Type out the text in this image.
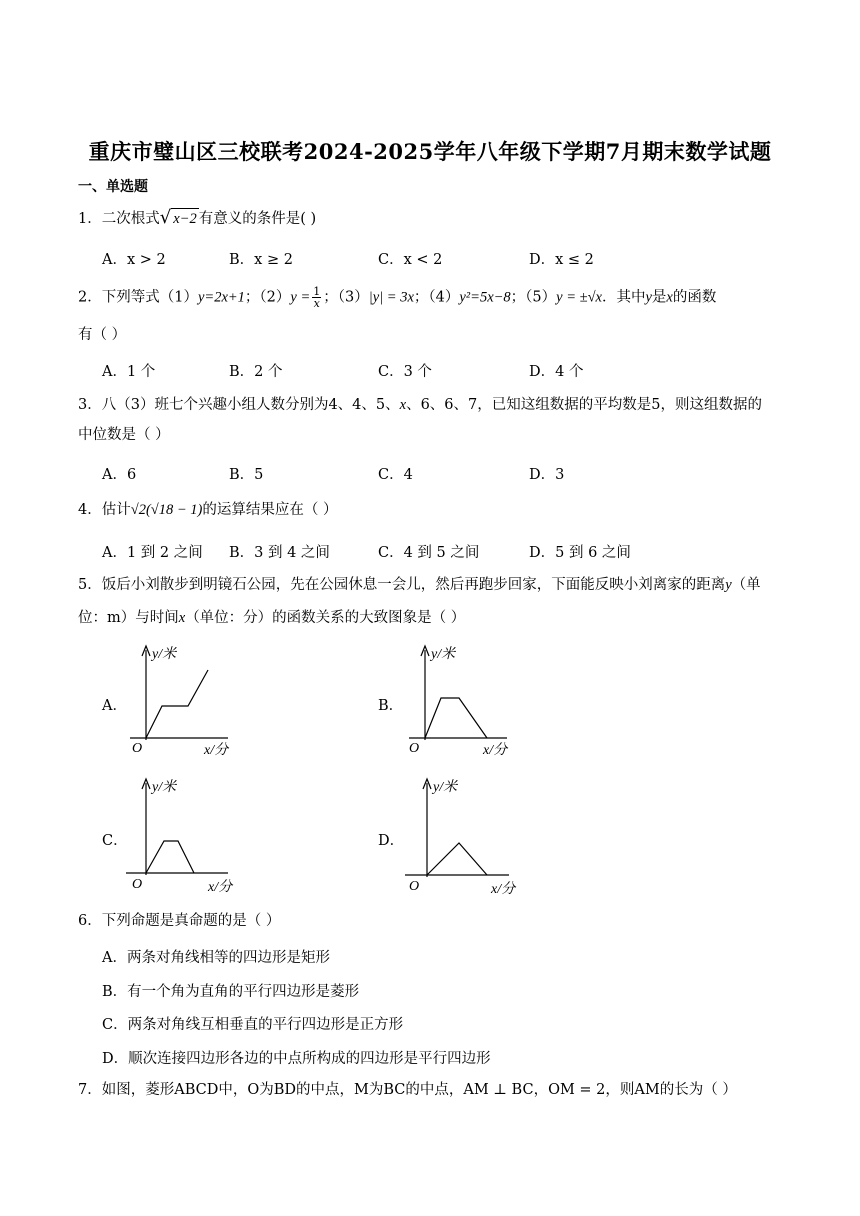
重庆市璧山区三校联考2024-2025学年八年级下学期7月期末数学试题
一、单选题
1．二次根式√ x−2 有意义的条件是( )
A．x > 2	B．x ≥ 2	C．x < 2	D．x ≤ 2
2．下列等式（1）y=2x+1；$(2)y = \frac{1}{x}$ ；（3）|y| = 3x；（4）y²=5x−8；（5）y = ±√x．其中y是x的函数
有（ ）
A．1 个	B．2 个	C．3 个	D．4 个
3．八（3）班七个兴趣小组人数分别为4、4、5、x、6、6、7，已知这组数据的平均数是5，则这组数据的
中位数是（ ）
A．6	B．5	C．4	D．3
4．估计√2(√18 − 1)的运算结果应在（ ）
A．1 到 2 之间 B．3 到 4 之间	C．4 到 5 之间	D．5 到 6 之间
5．饭后小刘散步到明镜石公园，先在公园休息一会儿，然后再跑步回家，下面能反映小刘离家的距离y（单
位：m）与时间x（单位：分）的函数关系的大致图象是（ ）
A．	B．
C．	D．
y/米
O	x/分
y/米
O	x/分
y/米
O	x/分
y/米
O	x/分
6．下列命题是真命题的是（ ）
A．两条对角线相等的四边形是矩形
B．有一个角为直角的平行四边形是菱形
C．两条对角线互相垂直的平行四边形是正方形
D．顺次连接四边形各边的中点所构成的四边形是平行四边形
7．如图，菱形ABCD中，O为BD的中点，M为BC的中点，AM ⊥ BC，OM = 2，则AM的长为（ ）
